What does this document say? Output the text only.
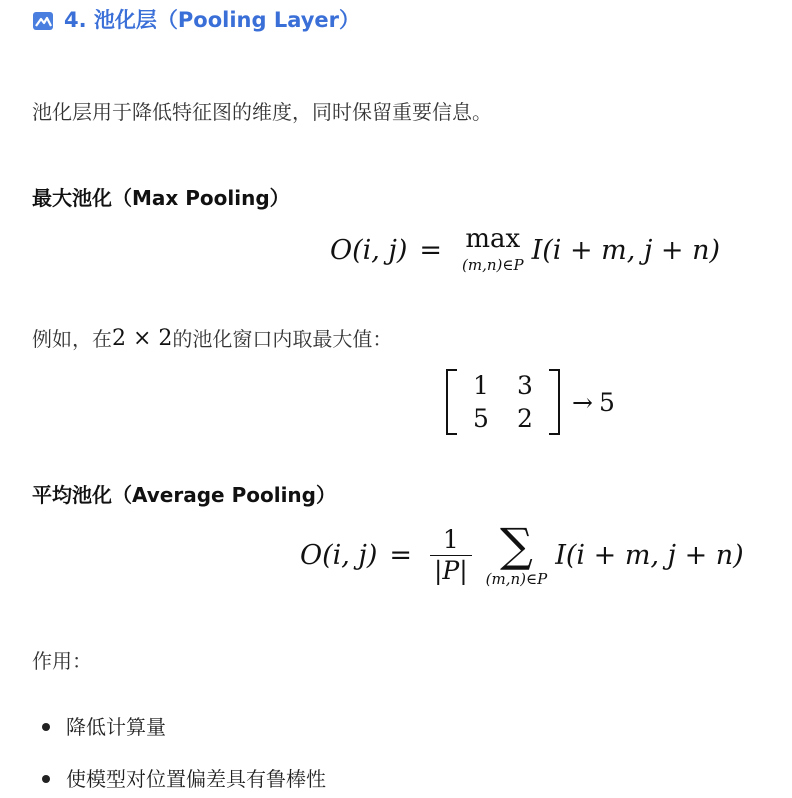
4. 池化层（Pooling Layer）
池化层用于降低特征图的维度，同时保留重要信息。
最大池化（Max Pooling）
O(i, j) = max
(m,n)∈P I(i + m, j + n)
例如，在 2 × 2 的池化窗口内取最大值：
1	3
5	2
→ 5
平均池化（Average Pooling）
O(i, $j) = \frac{1}{|P|}$ ∑
(m,n)∈P
I(i + m, j + n)
作用：
降低计算量
使模型对位置偏差具有鲁棒性
